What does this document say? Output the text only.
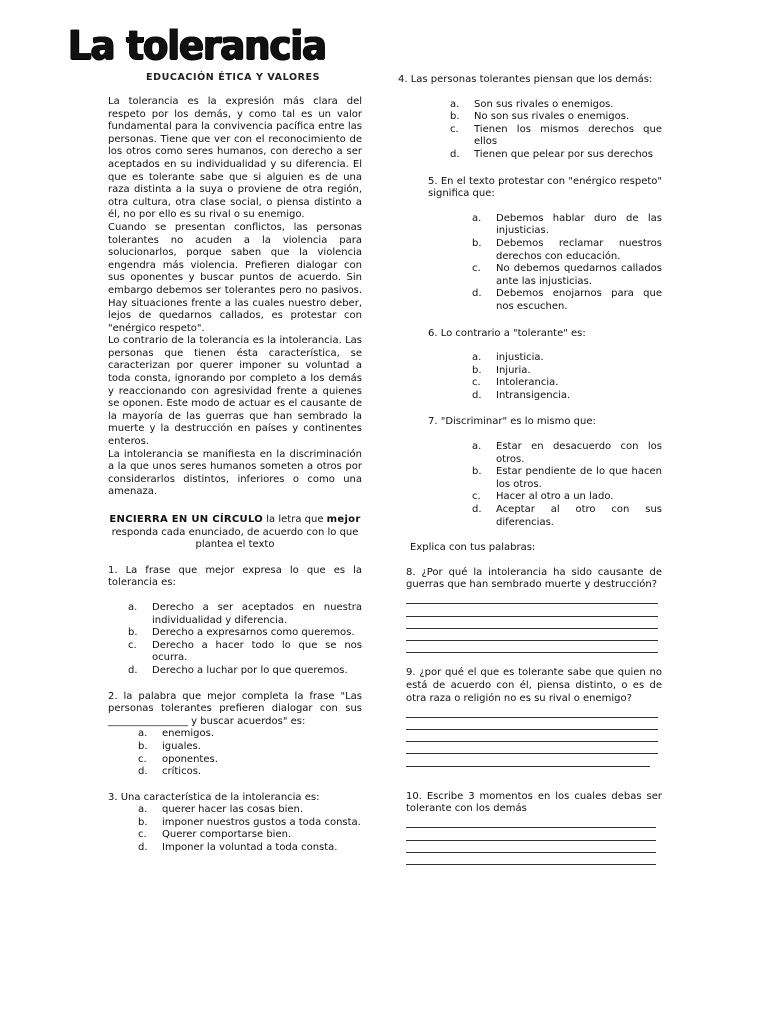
La tolerancia
EDUCACIÓN ÉTICA Y VALORES

La tolerancia es la expresión más clara del respeto por los demás, y como tal es un valor fundamental para la convivencia pacífica entre las personas. Tiene que ver con el reconocimiento de los otros como seres humanos, con derecho a ser aceptados en su individualidad y su diferencia. El que es tolerante sabe que si alguien es de una raza distinta a la suya o proviene de otra región, otra cultura, otra clase social, o piensa distinto a él, no por ello es su rival o su enemigo.

Cuando se presentan conflictos, las personas tolerantes no acuden a la violencia para solucionarlos, porque saben que la violencia engendra más violencia. Prefieren dialogar con sus oponentes y buscar puntos de acuerdo. Sin embargo debemos ser tolerantes pero no pasivos. Hay situaciones frente a las cuales nuestro deber, lejos de quedarnos callados, es protestar con "enérgico respeto".

Lo contrario de la tolerancia es la intolerancia. Las personas que tienen ésta característica, se caracterizan por querer imponer su voluntad a toda consta, ignorando por completo a los demás y reaccionando con agresividad frente a quienes se oponen. Este modo de actuar es el causante de la mayoría de las guerras que han sembrado la muerte y la destrucción en países y continentes enteros.

La intolerancia se manifiesta en la discriminación a la que unos seres humanos someten a otros por considerarlos distintos, inferiores o como una amenaza.

ENCIERRA EN UN CÍRCULO la letra que mejor responda cada enunciado, de acuerdo con lo que plantea el texto

1. La frase que mejor expresa lo que es la tolerancia es:

a. Derecho a ser aceptados en nuestra individualidad y diferencia.
b. Derecho a expresarnos como queremos.
c. Derecho a hacer todo lo que se nos ocurra.
d. Derecho a luchar por lo que queremos.

2. la palabra que mejor completa la frase "Las personas tolerantes prefieren dialogar con sus ________________ y buscar acuerdos" es:

a. enemigos.
b. iguales.
c. oponentes.
d. críticos.

3. Una característica de la intolerancia es:

a. querer hacer las cosas bien.
b. imponer nuestros gustos a toda consta.
c. Querer comportarse bien.
d. Imponer la voluntad a toda consta.

4. Las personas tolerantes piensan que los demás:

a. Son sus rivales o enemigos.
b. No son sus rivales o enemigos.
c. Tienen los mismos derechos que ellos
d. Tienen que pelear por sus derechos

5. En el texto protestar con "enérgico respeto" significa que:

a. Debemos hablar duro de las injusticias.
b. Debemos reclamar nuestros derechos con educación.
c. No debemos quedarnos callados ante las injusticias.
d. Debemos enojarnos para que nos escuchen.

6. Lo contrario a "tolerante" es:

a. injusticia.
b. Injuria.
c. Intolerancia.
d. Intransigencia.

7. "Discriminar" es lo mismo que:

a. Estar en desacuerdo con los otros.
b. Estar pendiente de lo que hacen los otros.
c. Hacer al otro a un lado.
d. Aceptar al otro con sus diferencias.

Explica con tus palabras:

8. ¿Por qué la intolerancia ha sido causante de guerras que han sembrado muerte y destrucción?

9. ¿por qué el que es tolerante sabe que quien no está de acuerdo con él, piensa distinto, o es de otra raza o religión no es su rival o enemigo?

10. Escribe 3 momentos en los cuales debas ser tolerante con los demás
